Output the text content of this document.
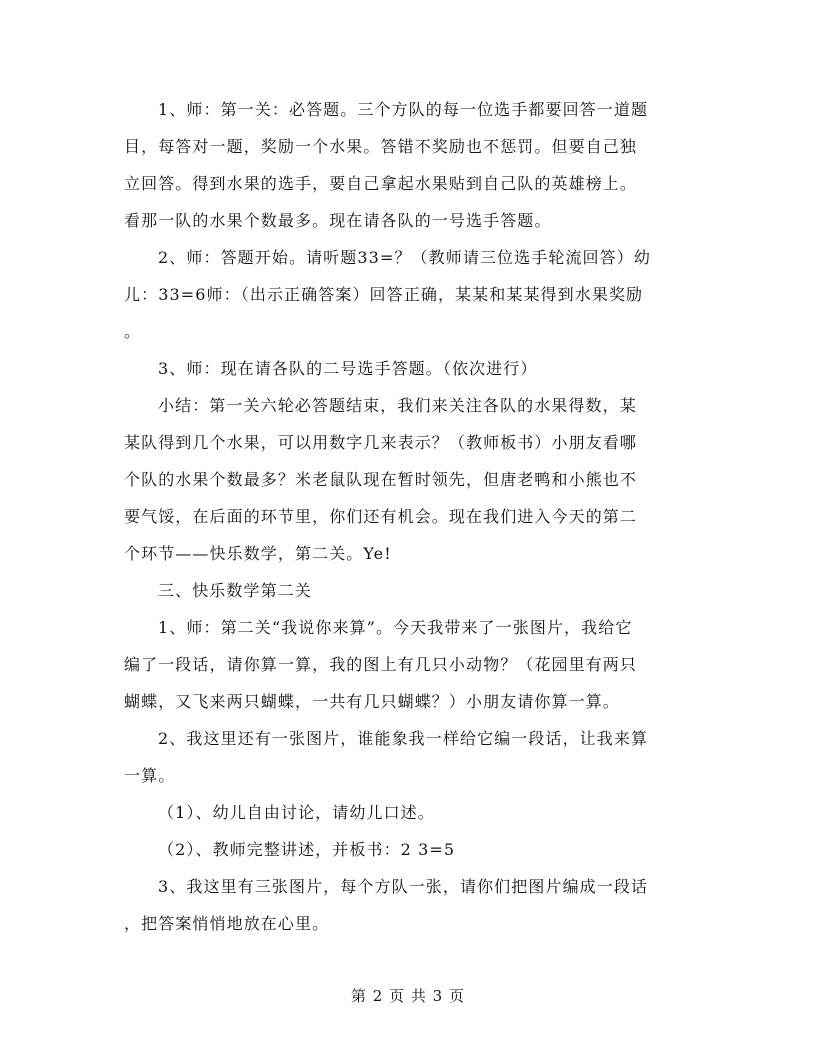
1、师：第一关：必答题。三个方队的每一位选手都要回答一道题
目，每答对一题，奖励一个水果。答错不奖励也不惩罚。但要自己独
立回答。得到水果的选手，要自己拿起水果贴到自己队的英雄榜上。
看那一队的水果个数最多。现在请各队的一号选手答题。
2、师：答题开始。请听题33=？（教师请三位选手轮流回答）幼
儿：33=6师：（出示正确答案）回答正确，某某和某某得到水果奖励
。
3、师：现在请各队的二号选手答题。（依次进行）
小结：第一关六轮必答题结束，我们来关注各队的水果得数，某
某队得到几个水果，可以用数字几来表示？（教师板书）小朋友看哪
个队的水果个数最多？米老鼠队现在暂时领先，但唐老鸭和小熊也不
要气馁，在后面的环节里，你们还有机会。现在我们进入今天的第二
个环节——快乐数学，第二关。Ye!
三、快乐数学第二关
1、师：第二关“我说你来算”。今天我带来了一张图片，我给它
编了一段话，请你算一算，我的图上有几只小动物？（花园里有两只
蝴蝶，又飞来两只蝴蝶，一共有几只蝴蝶？）小朋友请你算一算。
2、我这里还有一张图片，谁能象我一样给它编一段话，让我来算
一算。
（1）、幼儿自由讨论，请幼儿口述。
（2）、教师完整讲述，并板书：2 3=5
3、我这里有三张图片，每个方队一张，请你们把图片编成一段话
，把答案悄悄地放在心里。
第 2 页 共 3 页
